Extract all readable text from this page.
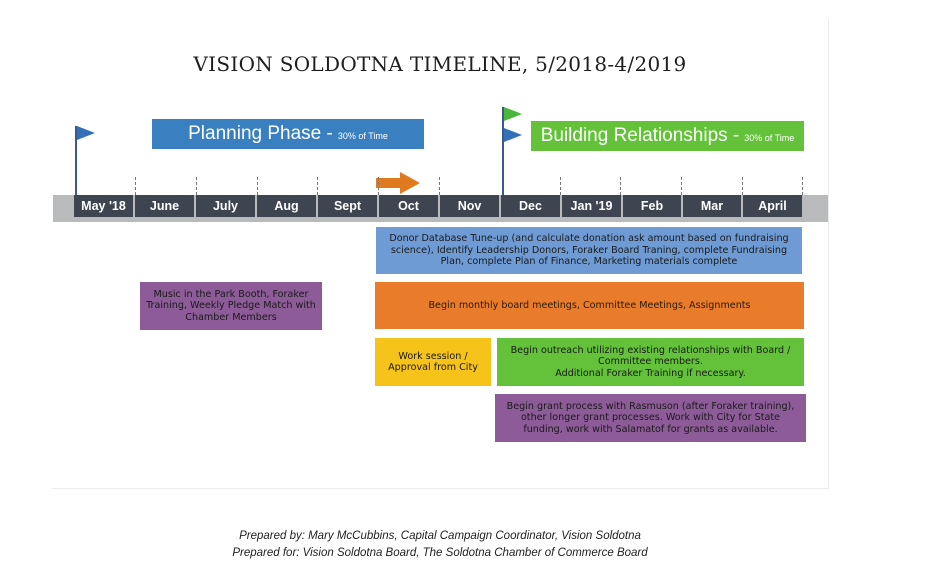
VISION SOLDOTNA TIMELINE, 5/2018-4/2019
Planning Phase - 30% of Time	Building Relationships - 30% of Time
May '18	June	July	Aug	Sept	Oct	Nov	Dec	Jan '19	Feb	Mar	April
Donor Database Tune-up (and calculate donation ask amount based on fundraising science), Identify Leadership Donors, Foraker Board Traning, complete Fundraising Plan, complete Plan of Finance, Marketing materials complete
Music in the Park Booth, Foraker Training, Weekly Pledge Match with Chamber Members
Begin monthly board meetings, Committee Meetings, Assignments
Work session / Approval from City
Begin outreach utilizing existing relationships with Board / Committee members.
Additional Foraker Training if necessary.
Begin grant process with Rasmuson (after Foraker training), other longer grant processes. Work with City for State funding, work with Salamatof for grants as available.
Prepared by: Mary McCubbins, Capital Campaign Coordinator, Vision Soldotna
Prepared for: Vision Soldotna Board, The Soldotna Chamber of Commerce Board
